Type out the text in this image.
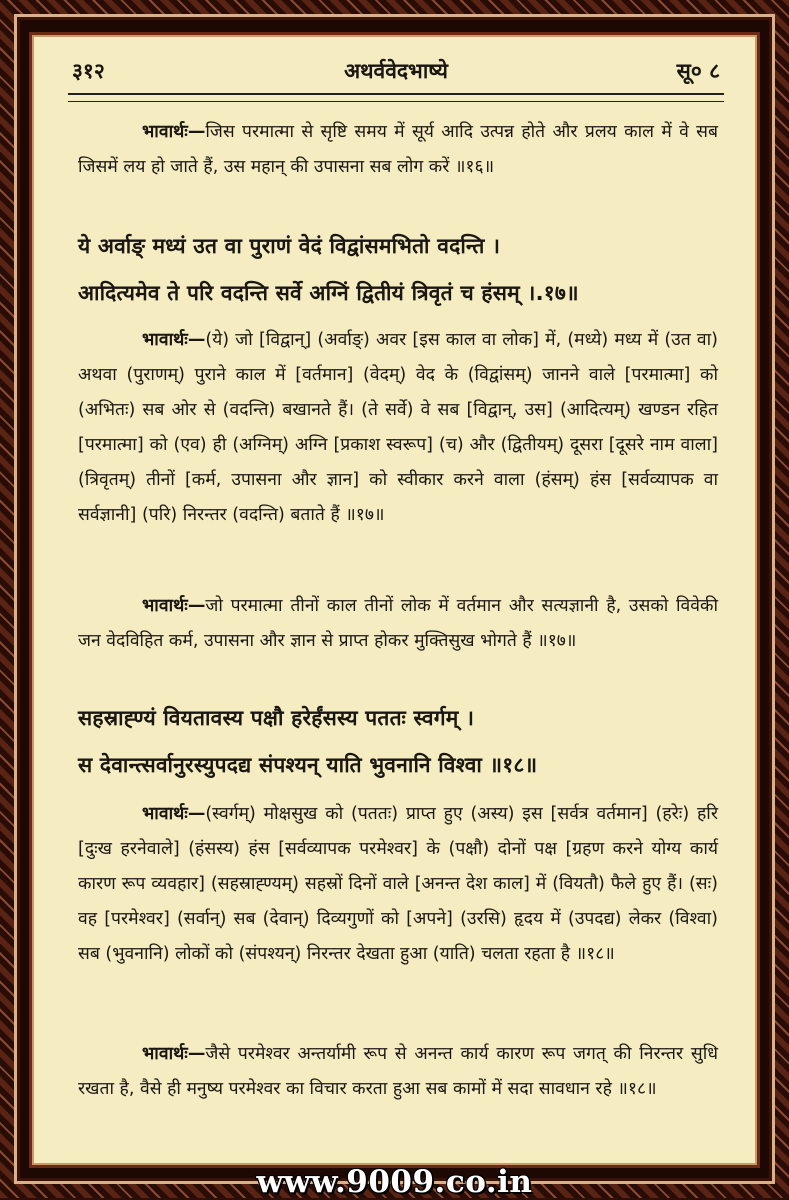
३१२	अथर्ववेदभाष्ये	सू० ८

भावार्थः—जिस परमात्मा से सृष्टि समय में सूर्य आदि उत्पन्न होते और प्रलय काल में वे सब जिसमें लय हो जाते हैं, उस महान् की उपासना सब लोग करें ॥१६॥

ये अर्वाङ् मध्यं उत वा पुराणं वेदं विद्वांसमभितो वदन्ति ।

आदित्यमेव ते परि वदन्ति सर्वे अग्निं द्वितीयं त्रिवृतं च हंसम् ।.१७॥

भावार्थः—(ये) जो [विद्वान्] (अर्वाङ्) अवर [इस काल वा लोक] में, (मध्ये) मध्य में (उत वा) अथवा (पुराणम्) पुराने काल में [वर्तमान] (वेदम्) वेद के (विद्वांसम्) जानने वाले [परमात्मा] को (अभितः) सब ओर से (वदन्ति) बखानते हैं। (ते सर्वे) वे सब [विद्वान्, उस] (आदित्यम्) खण्डन रहित [परमात्मा] को (एव) ही (अग्निम्) अग्नि [प्रकाश स्वरूप] (च) और (द्वितीयम्) दूसरा [दूसरे नाम वाला] (त्रिवृतम्) तीनों [कर्म, उपासना और ज्ञान] को स्वीकार करने वाला (हंसम्) हंस [सर्वव्यापक वा सर्वज्ञानी] (परि) निरन्तर (वदन्ति) बताते हैं ॥१७॥

भावार्थः—जो परमात्मा तीनों काल तीनों लोक में वर्तमान और सत्यज्ञानी है, उसको विवेकी जन वेदविहित कर्म, उपासना और ज्ञान से प्राप्त होकर मुक्तिसुख भोगते हैं ॥१७॥

सहस्राह्ण्यं वियतावस्य पक्षौ हरेर्हंसस्य पततः स्वर्गम् ।

स देवान्त्सर्वानुरस्युपदद्य संपश्यन् याति भुवनानि विश्वा ॥१८॥

भावार्थः—(स्वर्गम्) मोक्षसुख को (पततः) प्राप्त हुए (अस्य) इस [सर्वत्र वर्तमान] (हरेः) हरि [दुःख हरनेवाले] (हंसस्य) हंस [सर्वव्यापक परमेश्वर] के (पक्षौ) दोनों पक्ष [ग्रहण करने योग्य कार्य कारण रूप व्यवहार] (सहस्राह्ण्यम्) सहस्रों दिनों वाले [अनन्त देश काल] में (वियतौ) फैले हुए हैं। (सः) वह [परमेश्वर] (सर्वान्) सब (देवान्) दिव्यगुणों को [अपने] (उरसि) हृदय में (उपदद्य) लेकर (विश्वा) सब (भुवनानि) लोकों को (संपश्यन्) निरन्तर देखता हुआ (याति) चलता रहता है ॥१८॥

भावार्थः—जैसे परमेश्वर अन्तर्यामी रूप से अनन्त कार्य कारण रूप जगत् की निरन्तर सुधि रखता है, वैसे ही मनुष्य परमेश्वर का विचार करता हुआ सब कामों में सदा सावधान रहे ॥१८॥

www.9009.co.in
